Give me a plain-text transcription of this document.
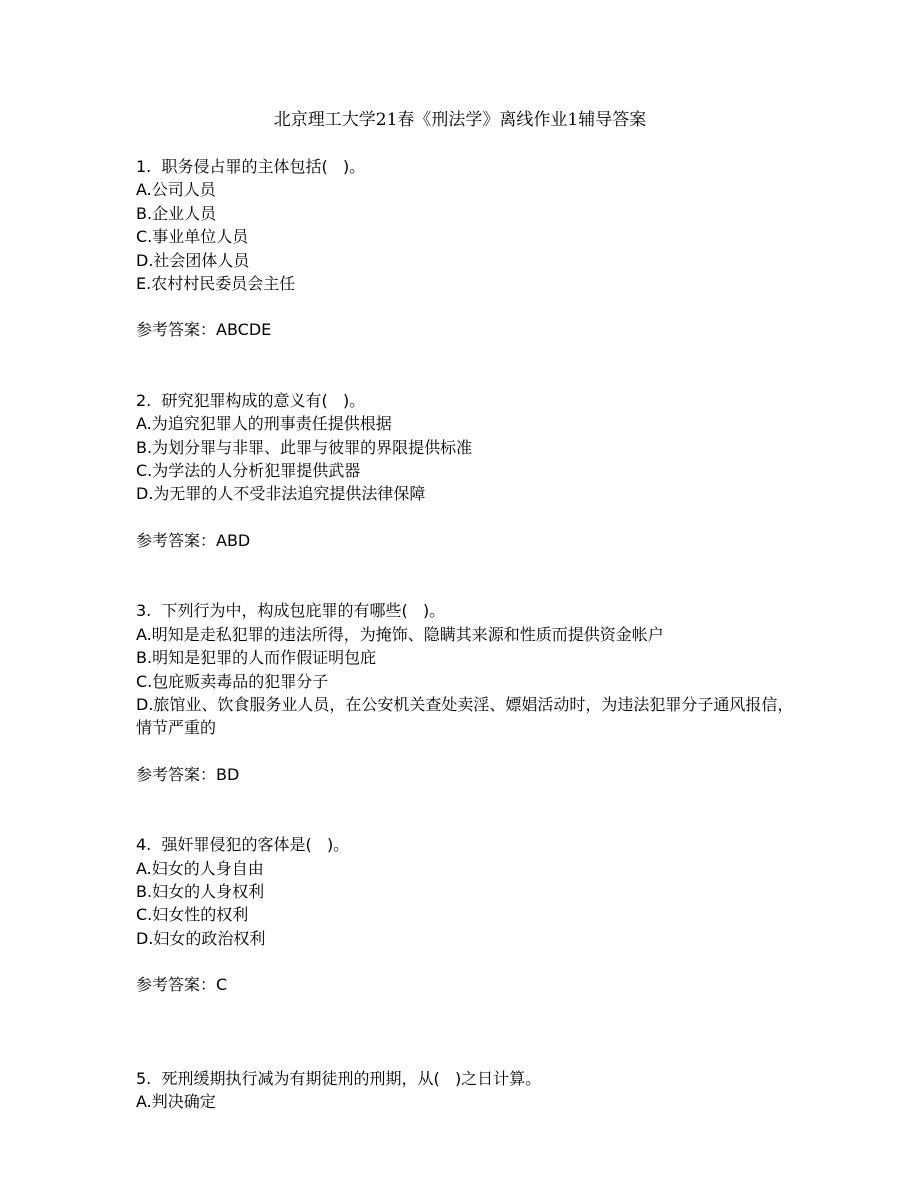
北京理工大学21春《刑法学》离线作业1辅导答案
1.  职务侵占罪的主体包括(   )。
A.公司人员
B.企业人员
C.事业单位人员
D.社会团体人员
E.农村村民委员会主任
参考答案：ABCDE
2.  研究犯罪构成的意义有(   )。
A.为追究犯罪人的刑事责任提供根据
B.为划分罪与非罪、此罪与彼罪的界限提供标准
C.为学法的人分析犯罪提供武器
D.为无罪的人不受非法追究提供法律保障
参考答案：ABD
3.  下列行为中，构成包庇罪的有哪些(   )。
A.明知是走私犯罪的违法所得，为掩饰、隐瞒其来源和性质而提供资金帐户
B.明知是犯罪的人而作假证明包庇
C.包庇贩卖毒品的犯罪分子
D.旅馆业、饮食服务业人员，在公安机关查处卖淫、嫖娼活动时，为违法犯罪分子通风报信，情节严重的
参考答案：BD
4.  强奸罪侵犯的客体是(   )。
A.妇女的人身自由
B.妇女的人身权利
C.妇女性的权利
D.妇女的政治权利
参考答案：C
5.  死刑缓期执行减为有期徒刑的刑期，从(   )之日计算。
A.判决确定
